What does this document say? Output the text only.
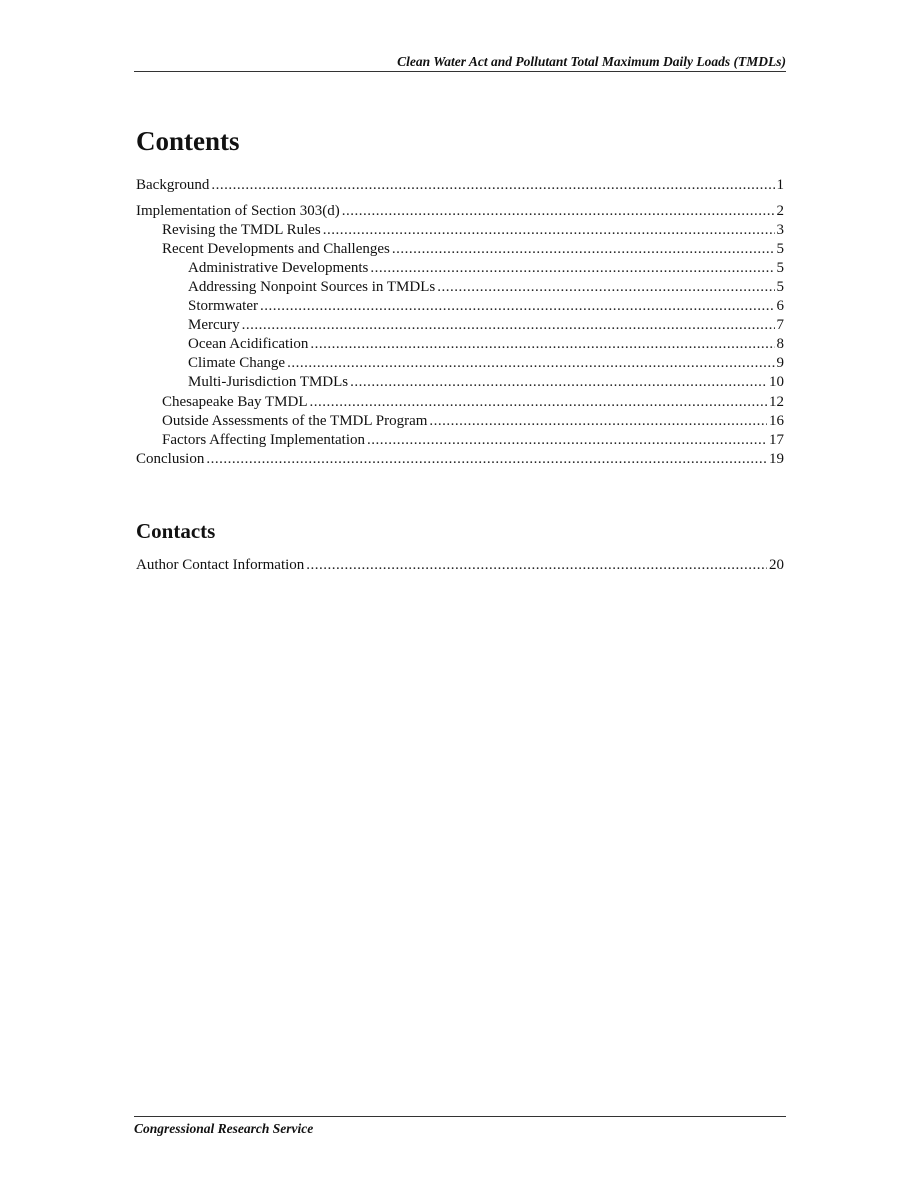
Clean Water Act and Pollutant Total Maximum Daily Loads (TMDLs)
Contents
Background .....	1
Implementation of Section 303(d) .....	2
Revising the TMDL Rules .....	3
Recent Developments and Challenges .....	5
Administrative Developments .....	5
Addressing Nonpoint Sources in TMDLs .....	5
Stormwater .....	6
Mercury .....	7
Ocean Acidification .....	8
Climate Change .....	9
Multi-Jurisdiction TMDLs .....	10
Chesapeake Bay TMDL .....	12
Outside Assessments of the TMDL Program .....	16
Factors Affecting Implementation .....	17
Conclusion .....	19
Contacts
Author Contact Information .....	20
Congressional Research Service
